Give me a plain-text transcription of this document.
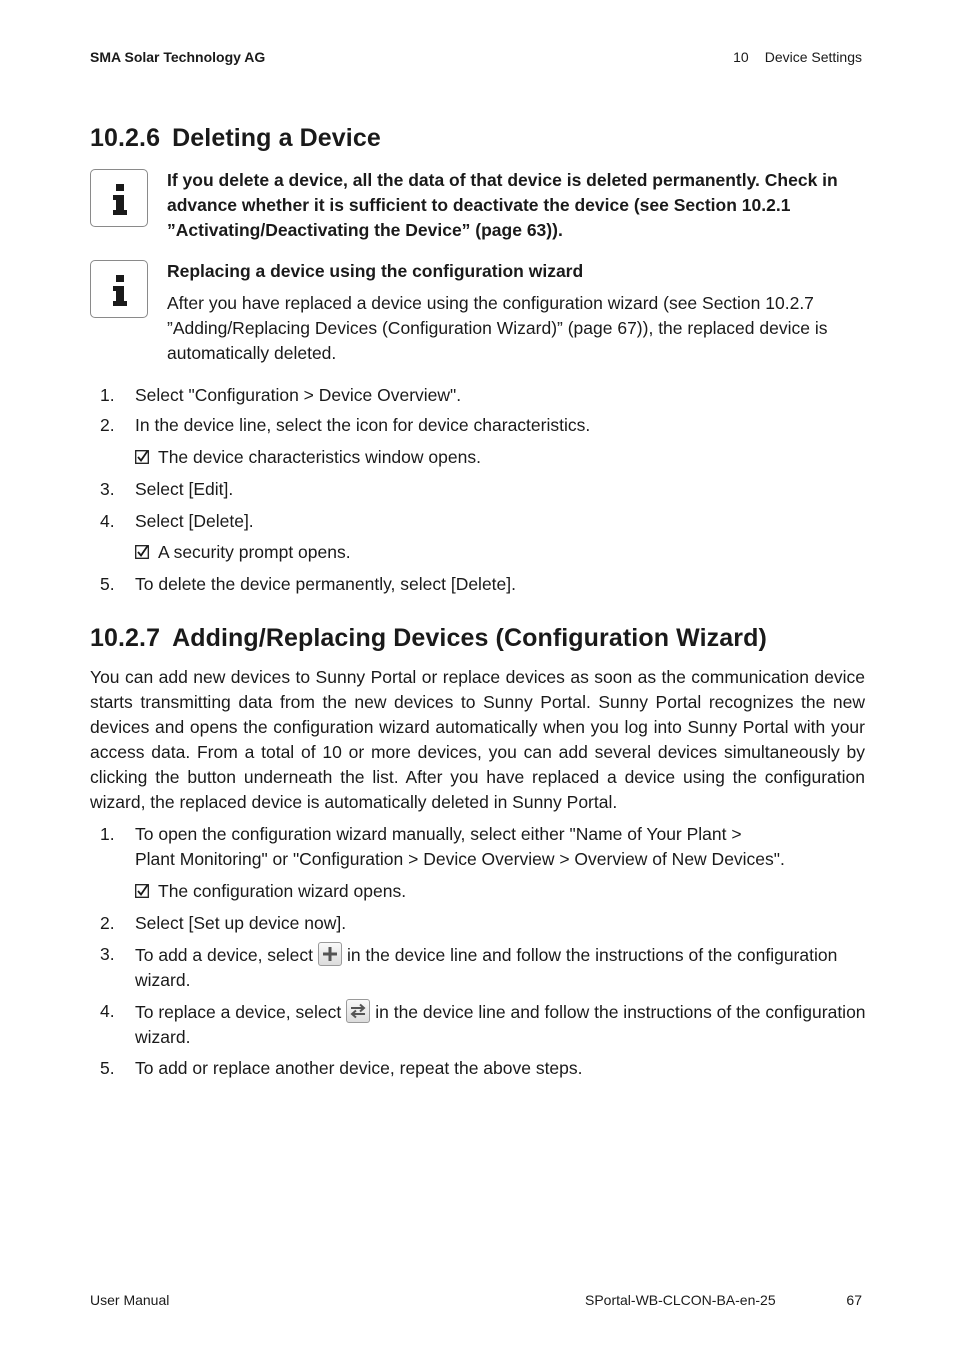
SMA Solar Technology AG	10 Device Settings
10.2.6 Deleting a Device
If you delete a device, all the data of that device is deleted permanently. Check in advance whether it is sufficient to deactivate the device (see Section 10.2.1 ”Activating/Deactivating the Device” (page 63)).
Replacing a device using the configuration wizard
After you have replaced a device using the configuration wizard (see Section 10.2.7 ”Adding/Replacing Devices (Configuration Wizard)” (page 67)), the replaced device is automatically deleted.
1.	Select "Configuration > Device Overview".
2.	In the device line, select the icon for device characteristics.
The device characteristics window opens.
3.	Select [Edit].
4.	Select [Delete].
A security prompt opens.
5.	To delete the device permanently, select [Delete].
10.2.7 Adding/Replacing Devices (Configuration Wizard)
You can add new devices to Sunny Portal or replace devices as soon as the communication device starts transmitting data from the new devices to Sunny Portal. Sunny Portal recognizes the new devices and opens the configuration wizard automatically when you log into Sunny Portal with your access data. From a total of 10 or more devices, you can add several devices simultaneously by clicking the button underneath the list. After you have replaced a device using the configuration wizard, the replaced device is automatically deleted in Sunny Portal.
1.	To open the configuration wizard manually, select either "Name of Your Plant >
Plant Monitoring" or "Configuration > Device Overview > Overview of New Devices".
The configuration wizard opens.
2.	Select [Set up device now].
3.	To add a device, select in the device line and follow the instructions of the configuration
wizard.
4.	To replace a device, select in the device line and follow the instructions of the configuration
wizard.
5.	To add or replace another device, repeat the above steps.
User Manual	SPortal-WB-CLCON-BA-en-25	67
